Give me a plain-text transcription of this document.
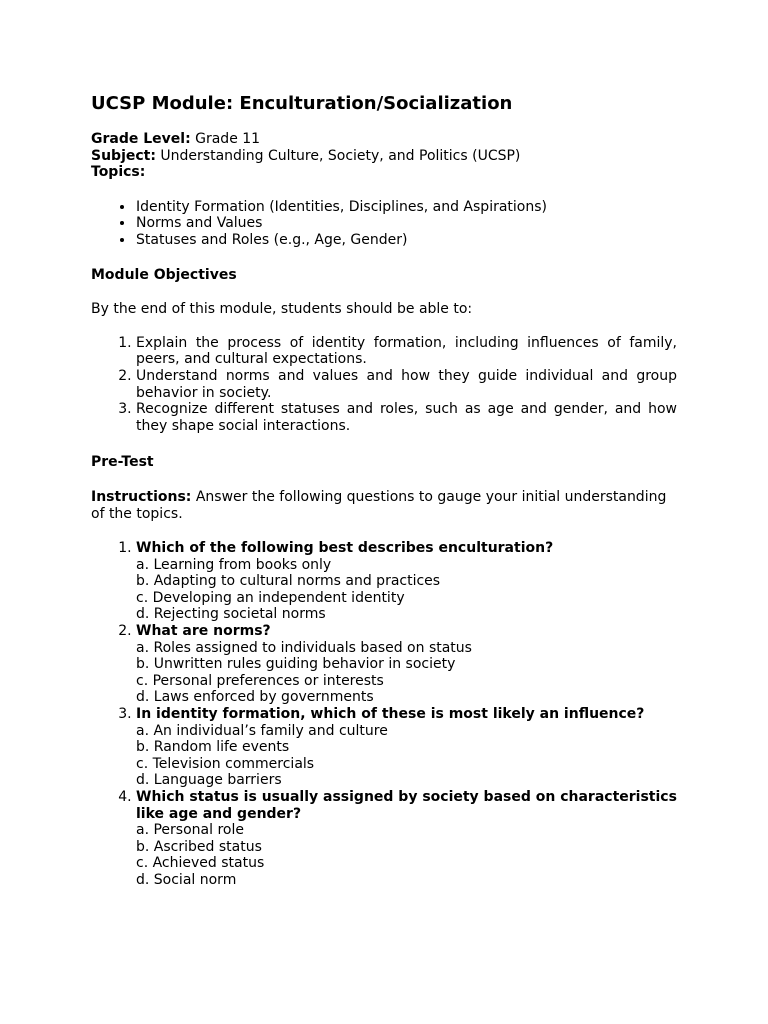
UCSP Module: Enculturation/Socialization
Grade Level: Grade 11
Subject: Understanding Culture, Society, and Politics (UCSP)
Topics:
• Identity Formation (Identities, Disciplines, and Aspirations)
• Norms and Values
• Statuses and Roles (e.g., Age, Gender)
Module Objectives

By the end of this module, students should be able to:

1. Explain the process of identity formation, including influences of family, peers, and cultural expectations.
2. Understand norms and values and how they guide individual and group behavior in society.
3. Recognize different statuses and roles, such as age and gender, and how they shape social interactions.
Pre-Test

Instructions: Answer the following questions to gauge your initial understanding of the topics.

1. Which of the following best describes enculturation?
a. Learning from books only
b. Adapting to cultural norms and practices
c. Developing an independent identity
d. Rejecting societal norms
2. What are norms?
a. Roles assigned to individuals based on status
b. Unwritten rules guiding behavior in society
c. Personal preferences or interests
d. Laws enforced by governments
3. In identity formation, which of these is most likely an influence?
a. An individual’s family and culture
b. Random life events
c. Television commercials
d. Language barriers
4. Which status is usually assigned by society based on characteristics like age and gender?
a. Personal role
b. Ascribed status
c. Achieved status
d. Social norm
